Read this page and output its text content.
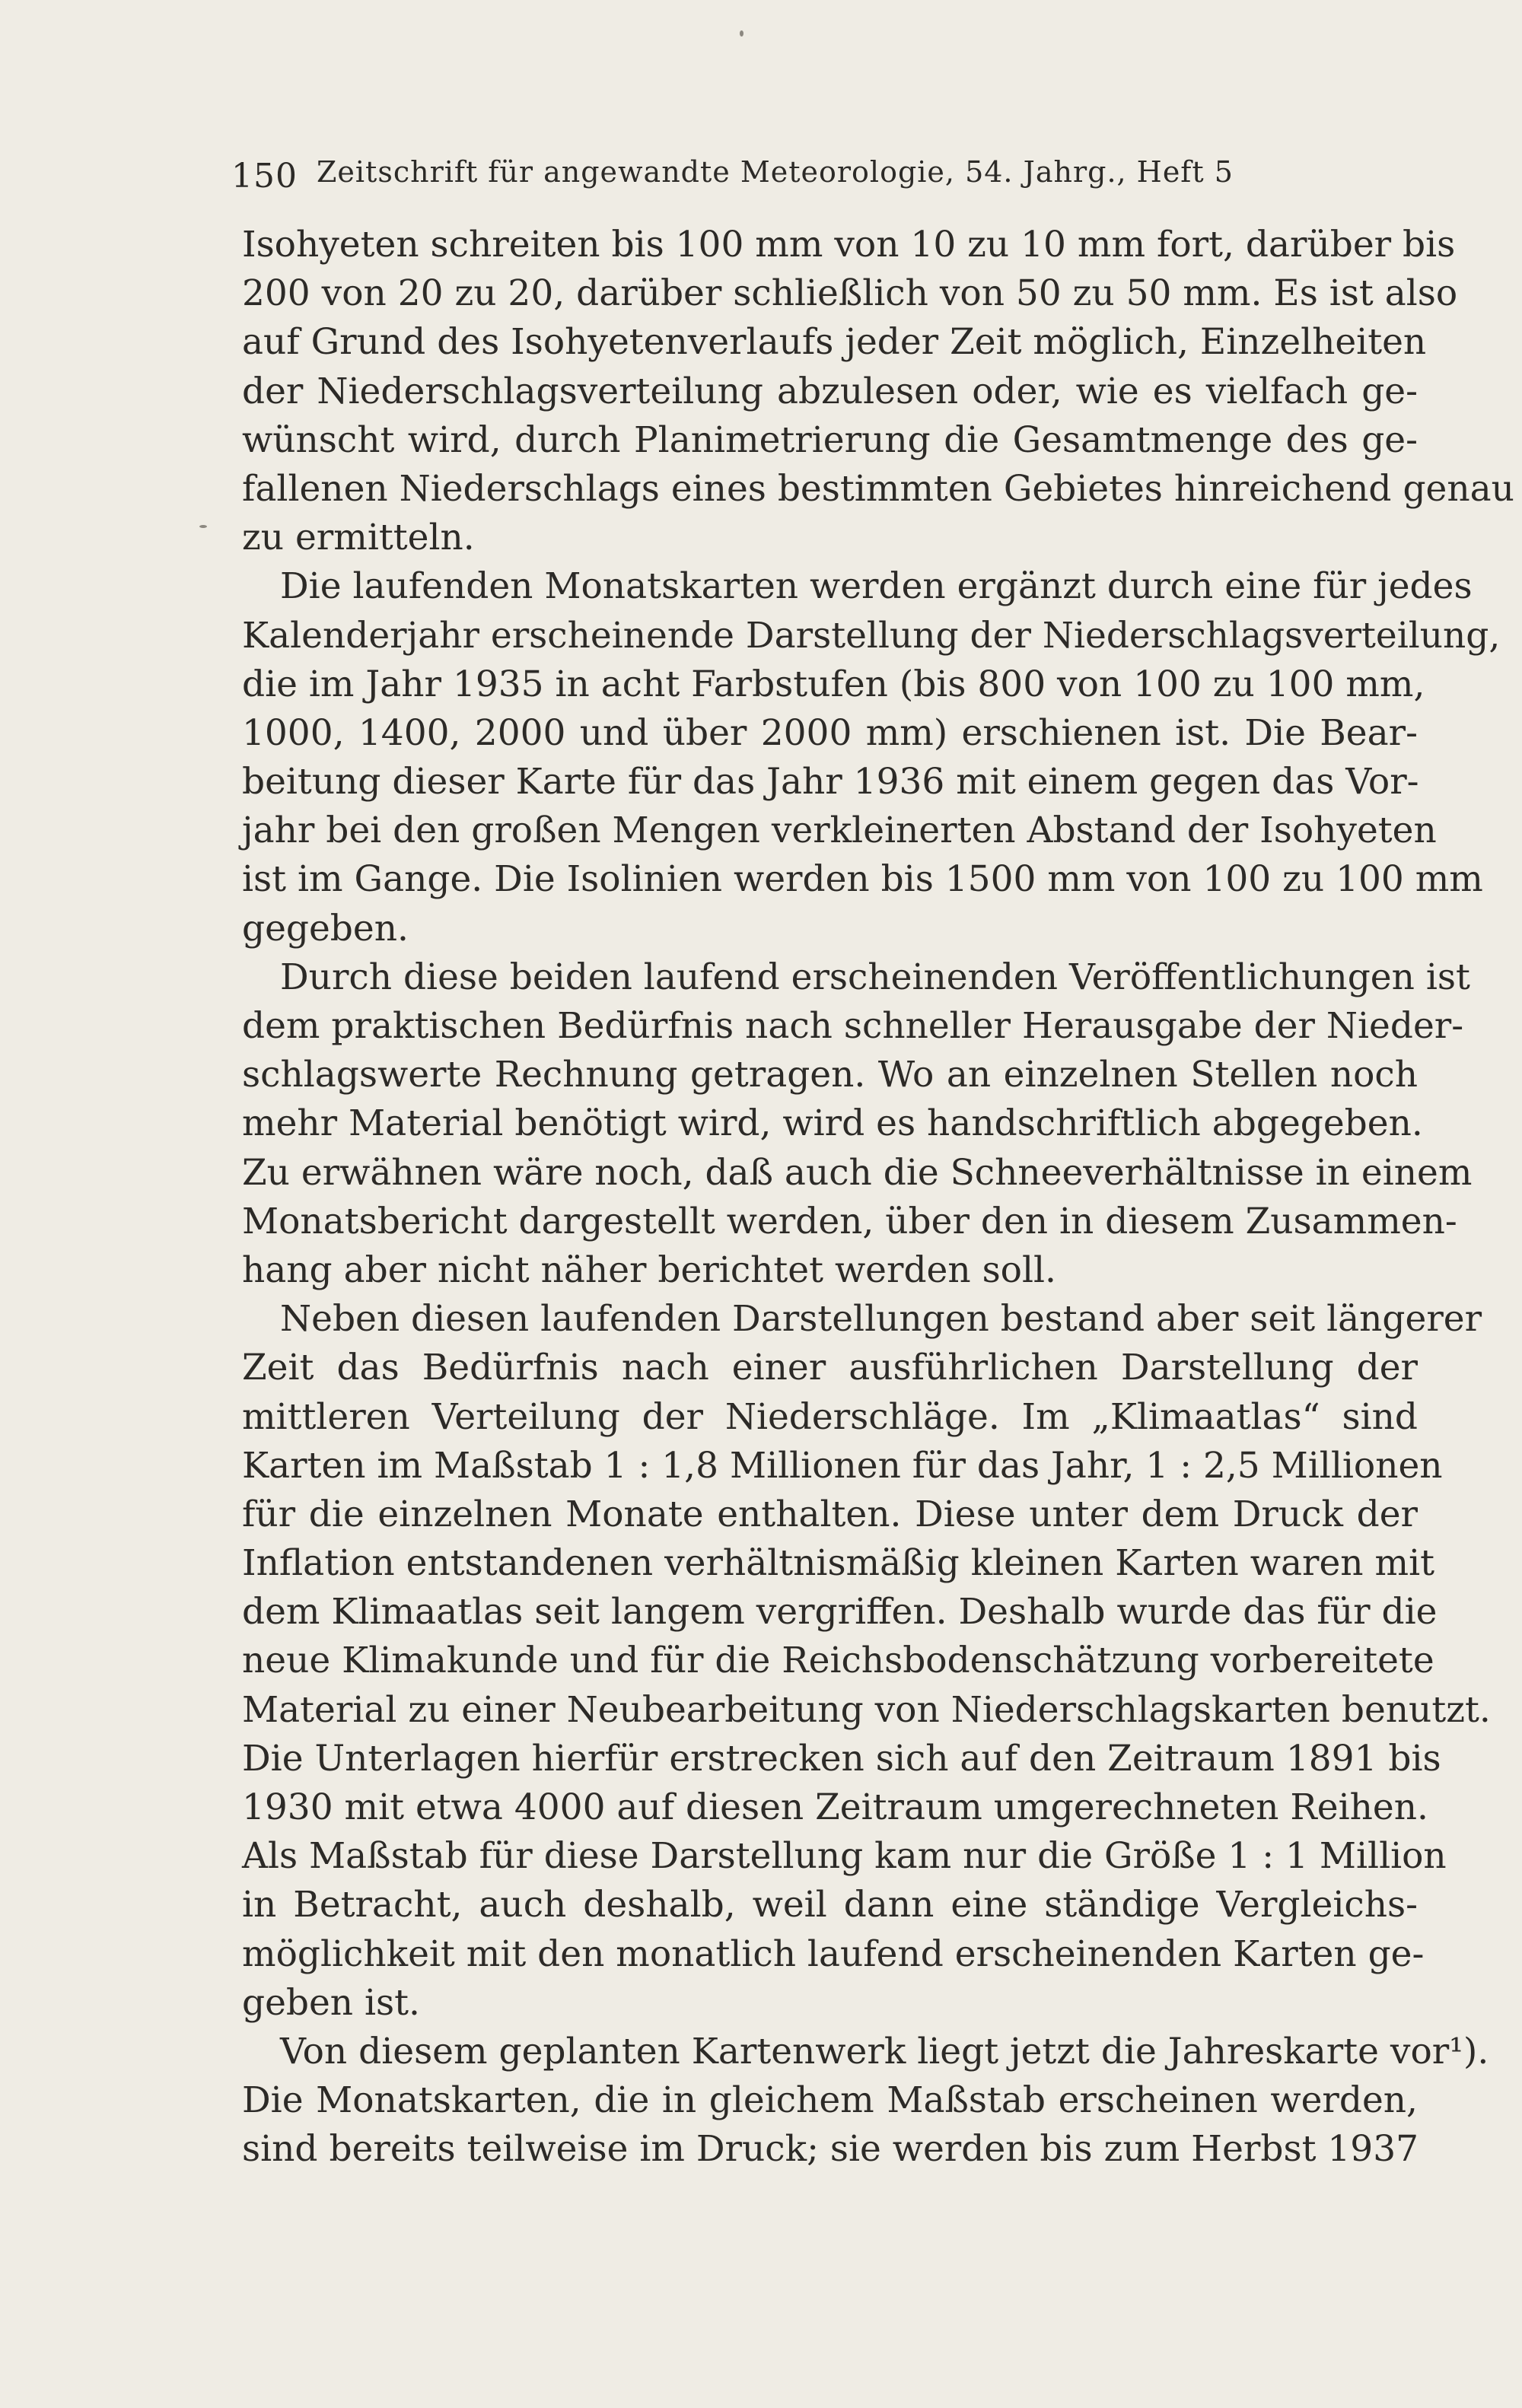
150 Zeitschrift für angewandte Meteorologie, 54. Jahrg., Heft 5
Isohyeten schreiten bis 100 mm von 10 zu 10 mm fort, darüber bis
200 von 20 zu 20, darüber schließlich von 50 zu 50 mm. Es ist also
auf Grund des Isohyetenverlaufs jeder Zeit möglich, Einzelheiten
der Niederschlagsverteilung abzulesen oder, wie es vielfach ge-
wünscht wird, durch Planimetrierung die Gesamtmenge des ge-
fallenen Niederschlags eines bestimmten Gebietes hinreichend genau
zu ermitteln.
Die laufenden Monatskarten werden ergänzt durch eine für jedes
Kalenderjahr erscheinende Darstellung der Niederschlagsverteilung,
die im Jahr 1935 in acht Farbstufen (bis 800 von 100 zu 100 mm,
1000, 1400, 2000 und über 2000 mm) erschienen ist. Die Bear-
beitung dieser Karte für das Jahr 1936 mit einem gegen das Vor-
jahr bei den großen Mengen verkleinerten Abstand der Isohyeten
ist im Gange. Die Isolinien werden bis 1500 mm von 100 zu 100 mm
gegeben.
Durch diese beiden laufend erscheinenden Veröffentlichungen ist
dem praktischen Bedürfnis nach schneller Herausgabe der Nieder-
schlagswerte Rechnung getragen. Wo an einzelnen Stellen noch
mehr Material benötigt wird, wird es handschriftlich abgegeben.
Zu erwähnen wäre noch, daß auch die Schneeverhältnisse in einem
Monatsbericht dargestellt werden, über den in diesem Zusammen-
hang aber nicht näher berichtet werden soll.
Neben diesen laufenden Darstellungen bestand aber seit längerer
Zeit das Bedürfnis nach einer ausführlichen Darstellung der
mittleren Verteilung der Niederschläge. Im „Klimaatlas“ sind
Karten im Maßstab 1 : 1,8 Millionen für das Jahr, 1 : 2,5 Millionen
für die einzelnen Monate enthalten. Diese unter dem Druck der
Inflation entstandenen verhältnismäßig kleinen Karten waren mit
dem Klimaatlas seit langem vergriffen. Deshalb wurde das für die
neue Klimakunde und für die Reichsbodenschätzung vorbereitete
Material zu einer Neubearbeitung von Niederschlagskarten benutzt.
Die Unterlagen hierfür erstrecken sich auf den Zeitraum 1891 bis
1930 mit etwa 4000 auf diesen Zeitraum umgerechneten Reihen.
Als Maßstab für diese Darstellung kam nur die Größe 1 : 1 Million
in Betracht, auch deshalb, weil dann eine ständige Vergleichs-
möglichkeit mit den monatlich laufend erscheinenden Karten ge-
geben ist.
Von diesem geplanten Kartenwerk liegt jetzt die Jahreskarte vor¹).
Die Monatskarten, die in gleichem Maßstab erscheinen werden,
sind bereits teilweise im Druck; sie werden bis zum Herbst 1937
